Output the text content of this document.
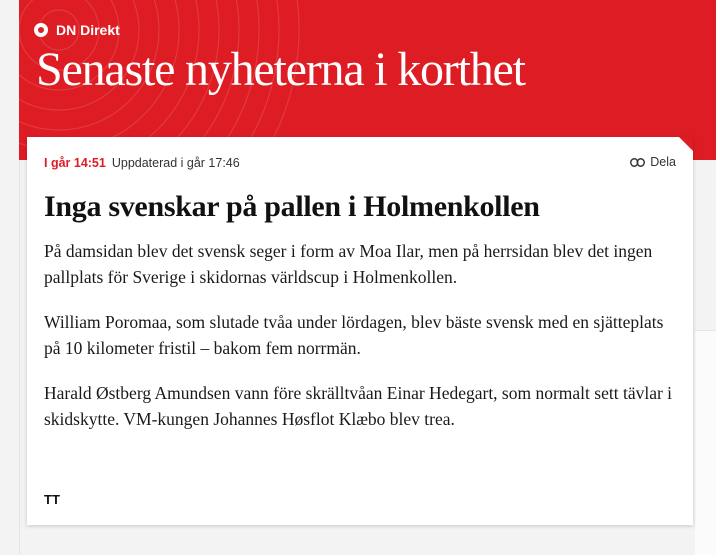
DN Direkt
Senaste nyheterna i korthet
I går 14:51 Uppdaterad i går 17:46	Dela
Inga svenskar på pallen i Holmenkollen

På damsidan blev det svensk seger i form av Moa Ilar, men på herrsidan blev det ingen pallplats för Sverige i skidornas världscup i Holmenkollen.

William Poromaa, som slutade tvåa under lördagen, blev bäste svensk med en sjätteplats på 10 kilometer fristil – bakom fem norrmän.

Harald Østberg Amundsen vann före skrälltvåan Einar Hedegart, som normalt sett tävlar i skidskytte. VM-kungen Johannes Høsflot Klæbo blev trea.

TT
